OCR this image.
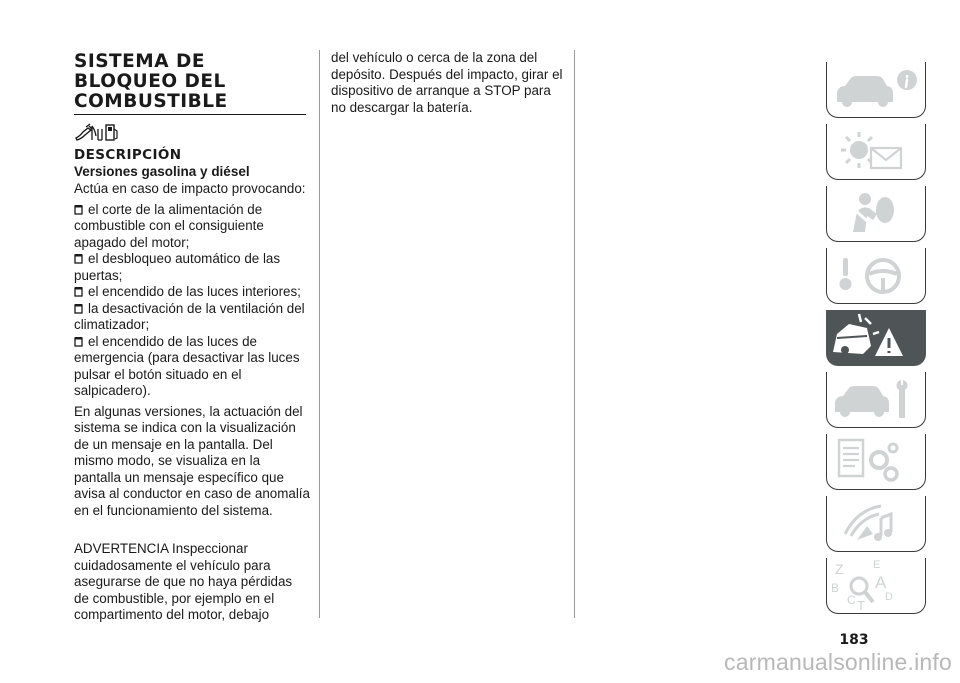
SISTEMA DE BLOQUEO DEL COMBUSTIBLE
DESCRIPCIÓN
Versiones gasolina y diésel

Actúa en caso de impacto provocando:

el corte de la alimentación de combustible con el consiguiente apagado del motor;
el desbloqueo automático de las puertas;
el encendido de las luces interiores;
la desactivación de la ventilación del climatizador;
el encendido de las luces de emergencia (para desactivar las luces pulsar el botón situado en el salpicadero).

En algunas versiones, la actuación del sistema se indica con la visualización de un mensaje en la pantalla. Del mismo modo, se visualiza en la pantalla un mensaje específico que avisa al conductor en caso de anomalía en el funcionamiento del sistema.

ADVERTENCIA Inspeccionar cuidadosamente el vehículo para asegurarse de que no haya pérdidas de combustible, por ejemplo en el compartimento del motor, debajo

del vehículo o cerca de la zona del depósito. Después del impacto, girar el dispositivo de arranque a STOP para no descargar la batería.

Z	E
B A
C T
D
183
carmanualsonline.info
